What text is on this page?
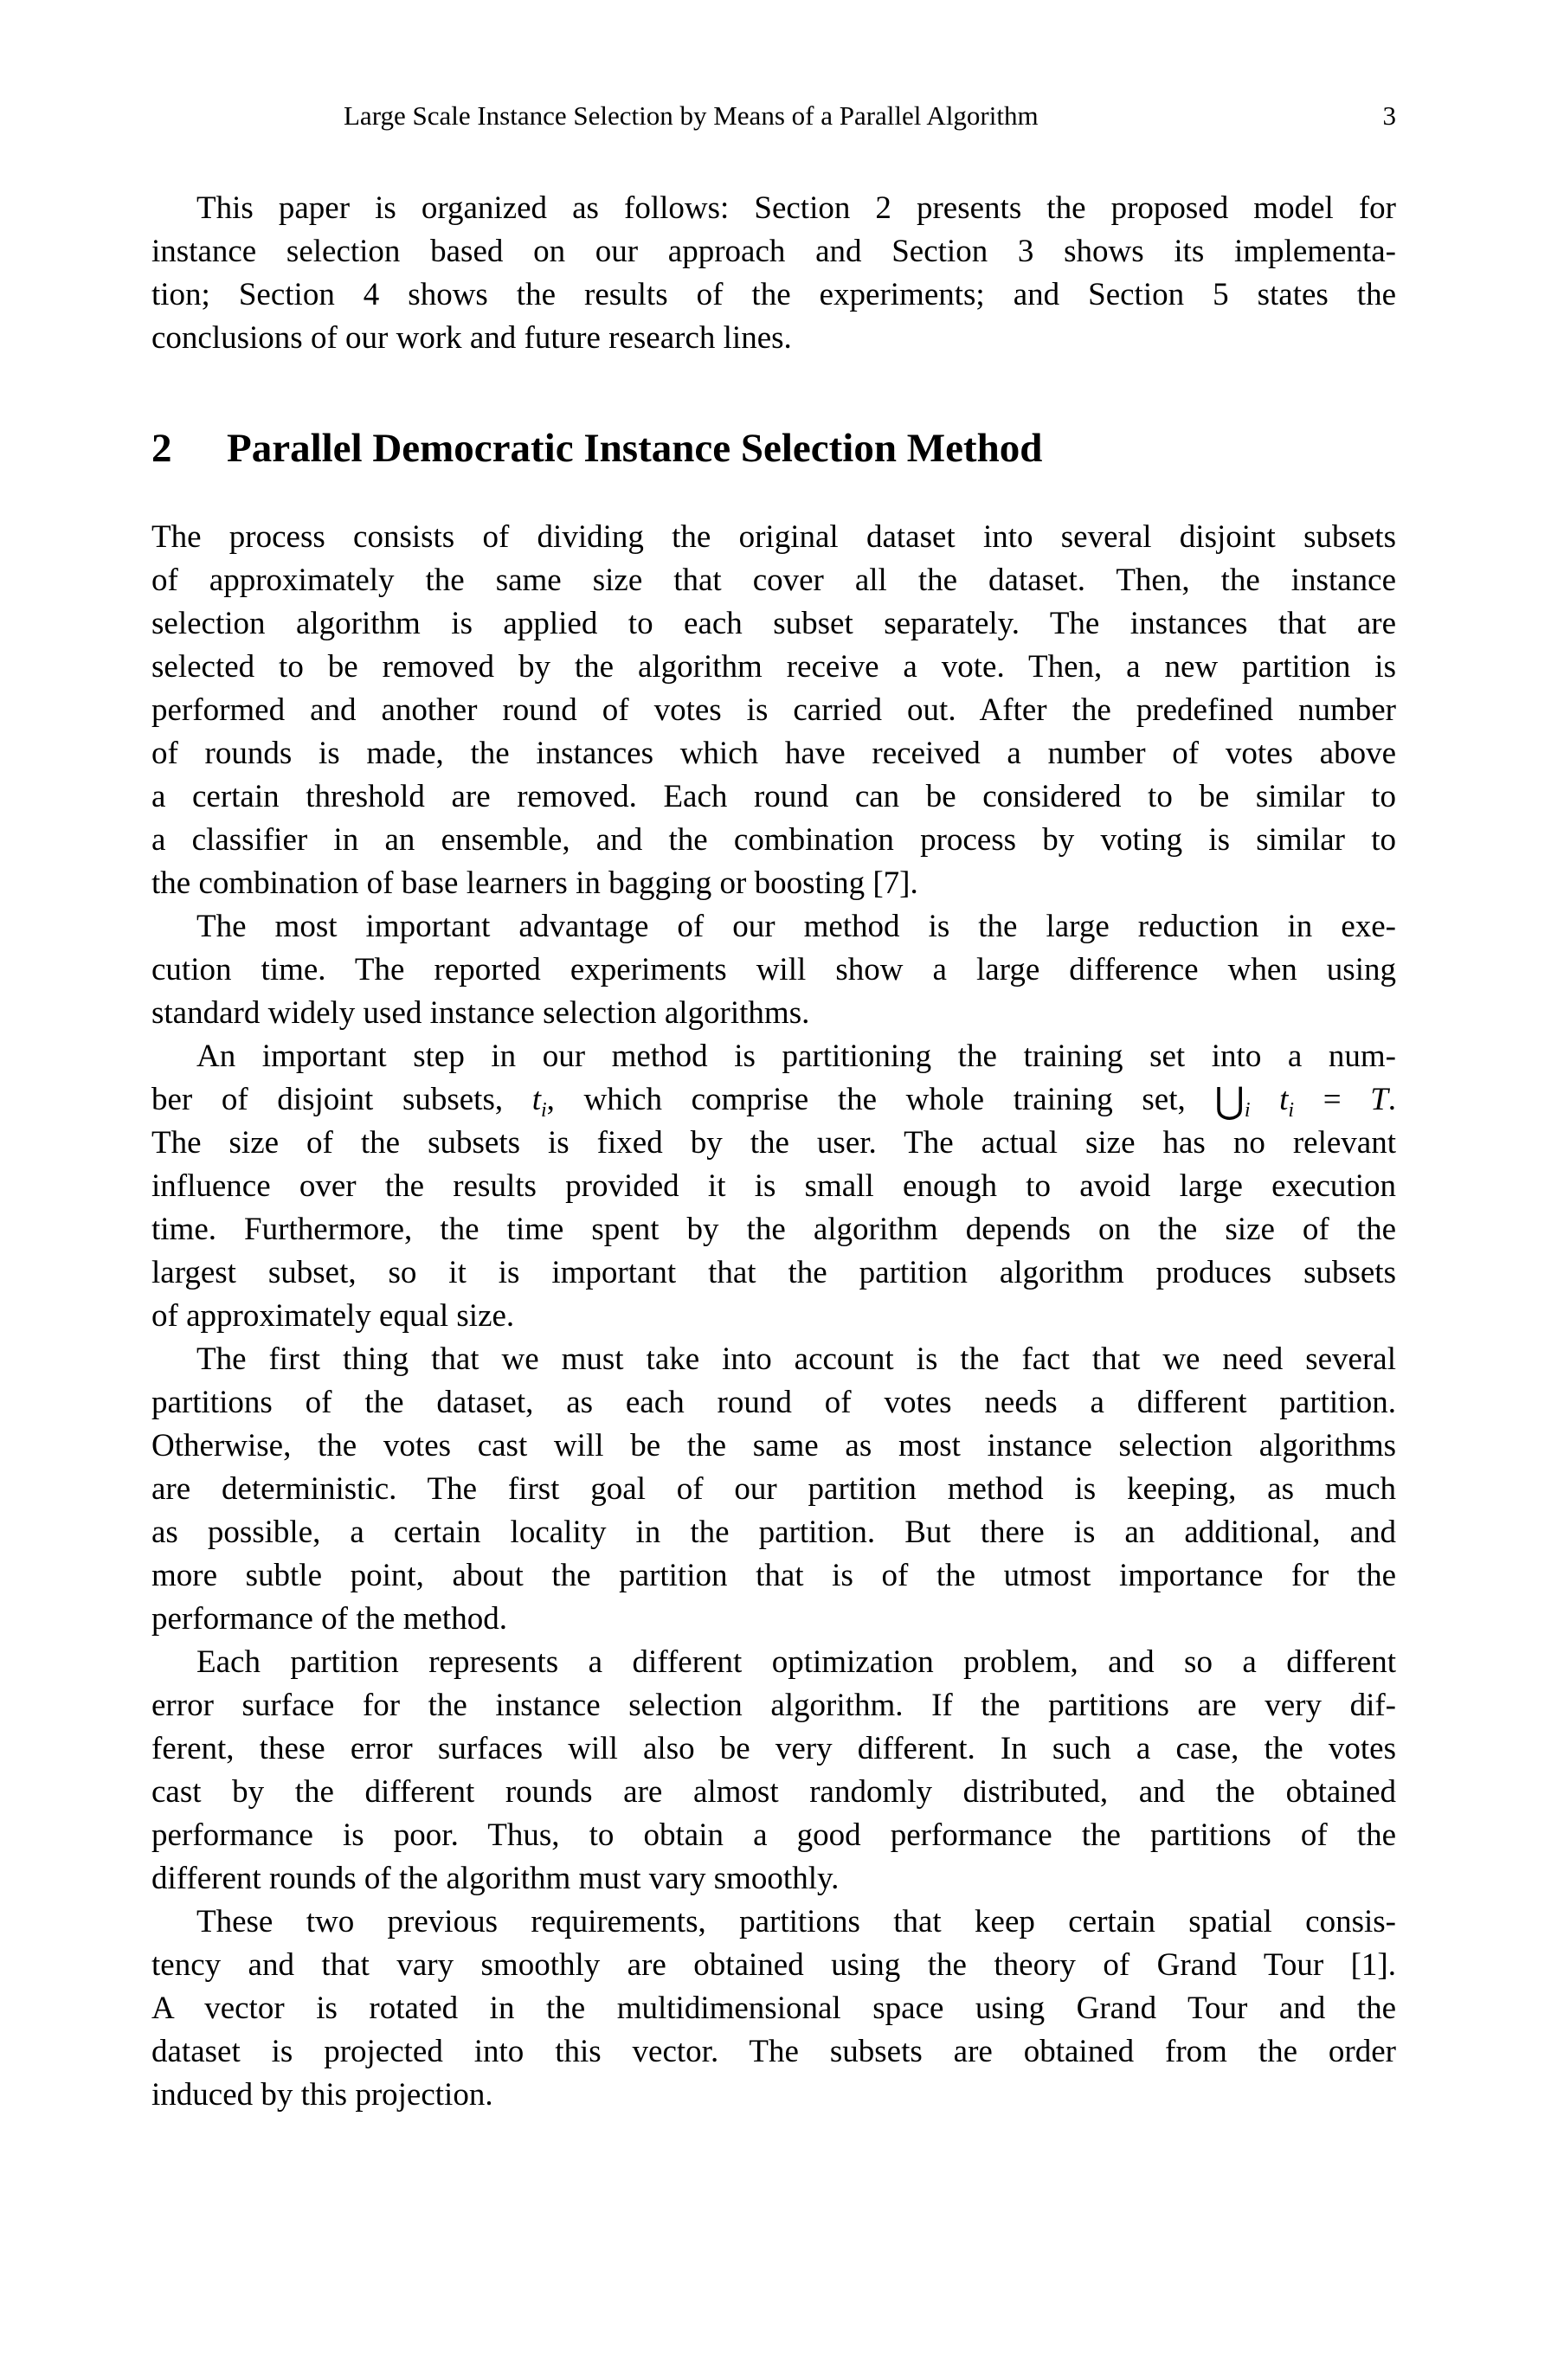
Large Scale Instance Selection by Means of a Parallel Algorithm	3
This paper is organized as follows: Section 2 presents the proposed model for
instance selection based on our approach and Section 3 shows its implementa-
tion; Section 4 shows the results of the experiments; and Section 5 states the
conclusions of our work and future research lines.
2 Parallel Democratic Instance Selection Method
The process consists of dividing the original dataset into several disjoint subsets
of approximately the same size that cover all the dataset. Then, the instance
selection algorithm is applied to each subset separately. The instances that are
selected to be removed by the algorithm receive a vote. Then, a new partition is
performed and another round of votes is carried out. After the predefined number
of rounds is made, the instances which have received a number of votes above
a certain threshold are removed. Each round can be considered to be similar to
a classifier in an ensemble, and the combination process by voting is similar to
the combination of base learners in bagging or boosting [7].
The most important advantage of our method is the large reduction in exe-
cution time. The reported experiments will show a large difference when using
standard widely used instance selection algorithms.
An important step in our method is partitioning the training set into a num-
ber of disjoint subsets, $t_i$, which comprise the whole training set, $⋃_i$ $t_i = T$.
The size of the subsets is fixed by the user. The actual size has no relevant
influence over the results provided it is small enough to avoid large execution
time. Furthermore, the time spent by the algorithm depends on the size of the
largest subset, so it is important that the partition algorithm produces subsets
of approximately equal size.
The first thing that we must take into account is the fact that we need several
partitions of the dataset, as each round of votes needs a different partition.
Otherwise, the votes cast will be the same as most instance selection algorithms
are deterministic. The first goal of our partition method is keeping, as much
as possible, a certain locality in the partition. But there is an additional, and
more subtle point, about the partition that is of the utmost importance for the
performance of the method.
Each partition represents a different optimization problem, and so a different
error surface for the instance selection algorithm. If the partitions are very dif-
ferent, these error surfaces will also be very different. In such a case, the votes
cast by the different rounds are almost randomly distributed, and the obtained
performance is poor. Thus, to obtain a good performance the partitions of the
different rounds of the algorithm must vary smoothly.
These two previous requirements, partitions that keep certain spatial consis-
tency and that vary smoothly are obtained using the theory of Grand Tour [1].
A vector is rotated in the multidimensional space using Grand Tour and the
dataset is projected into this vector. The subsets are obtained from the order
induced by this projection.
